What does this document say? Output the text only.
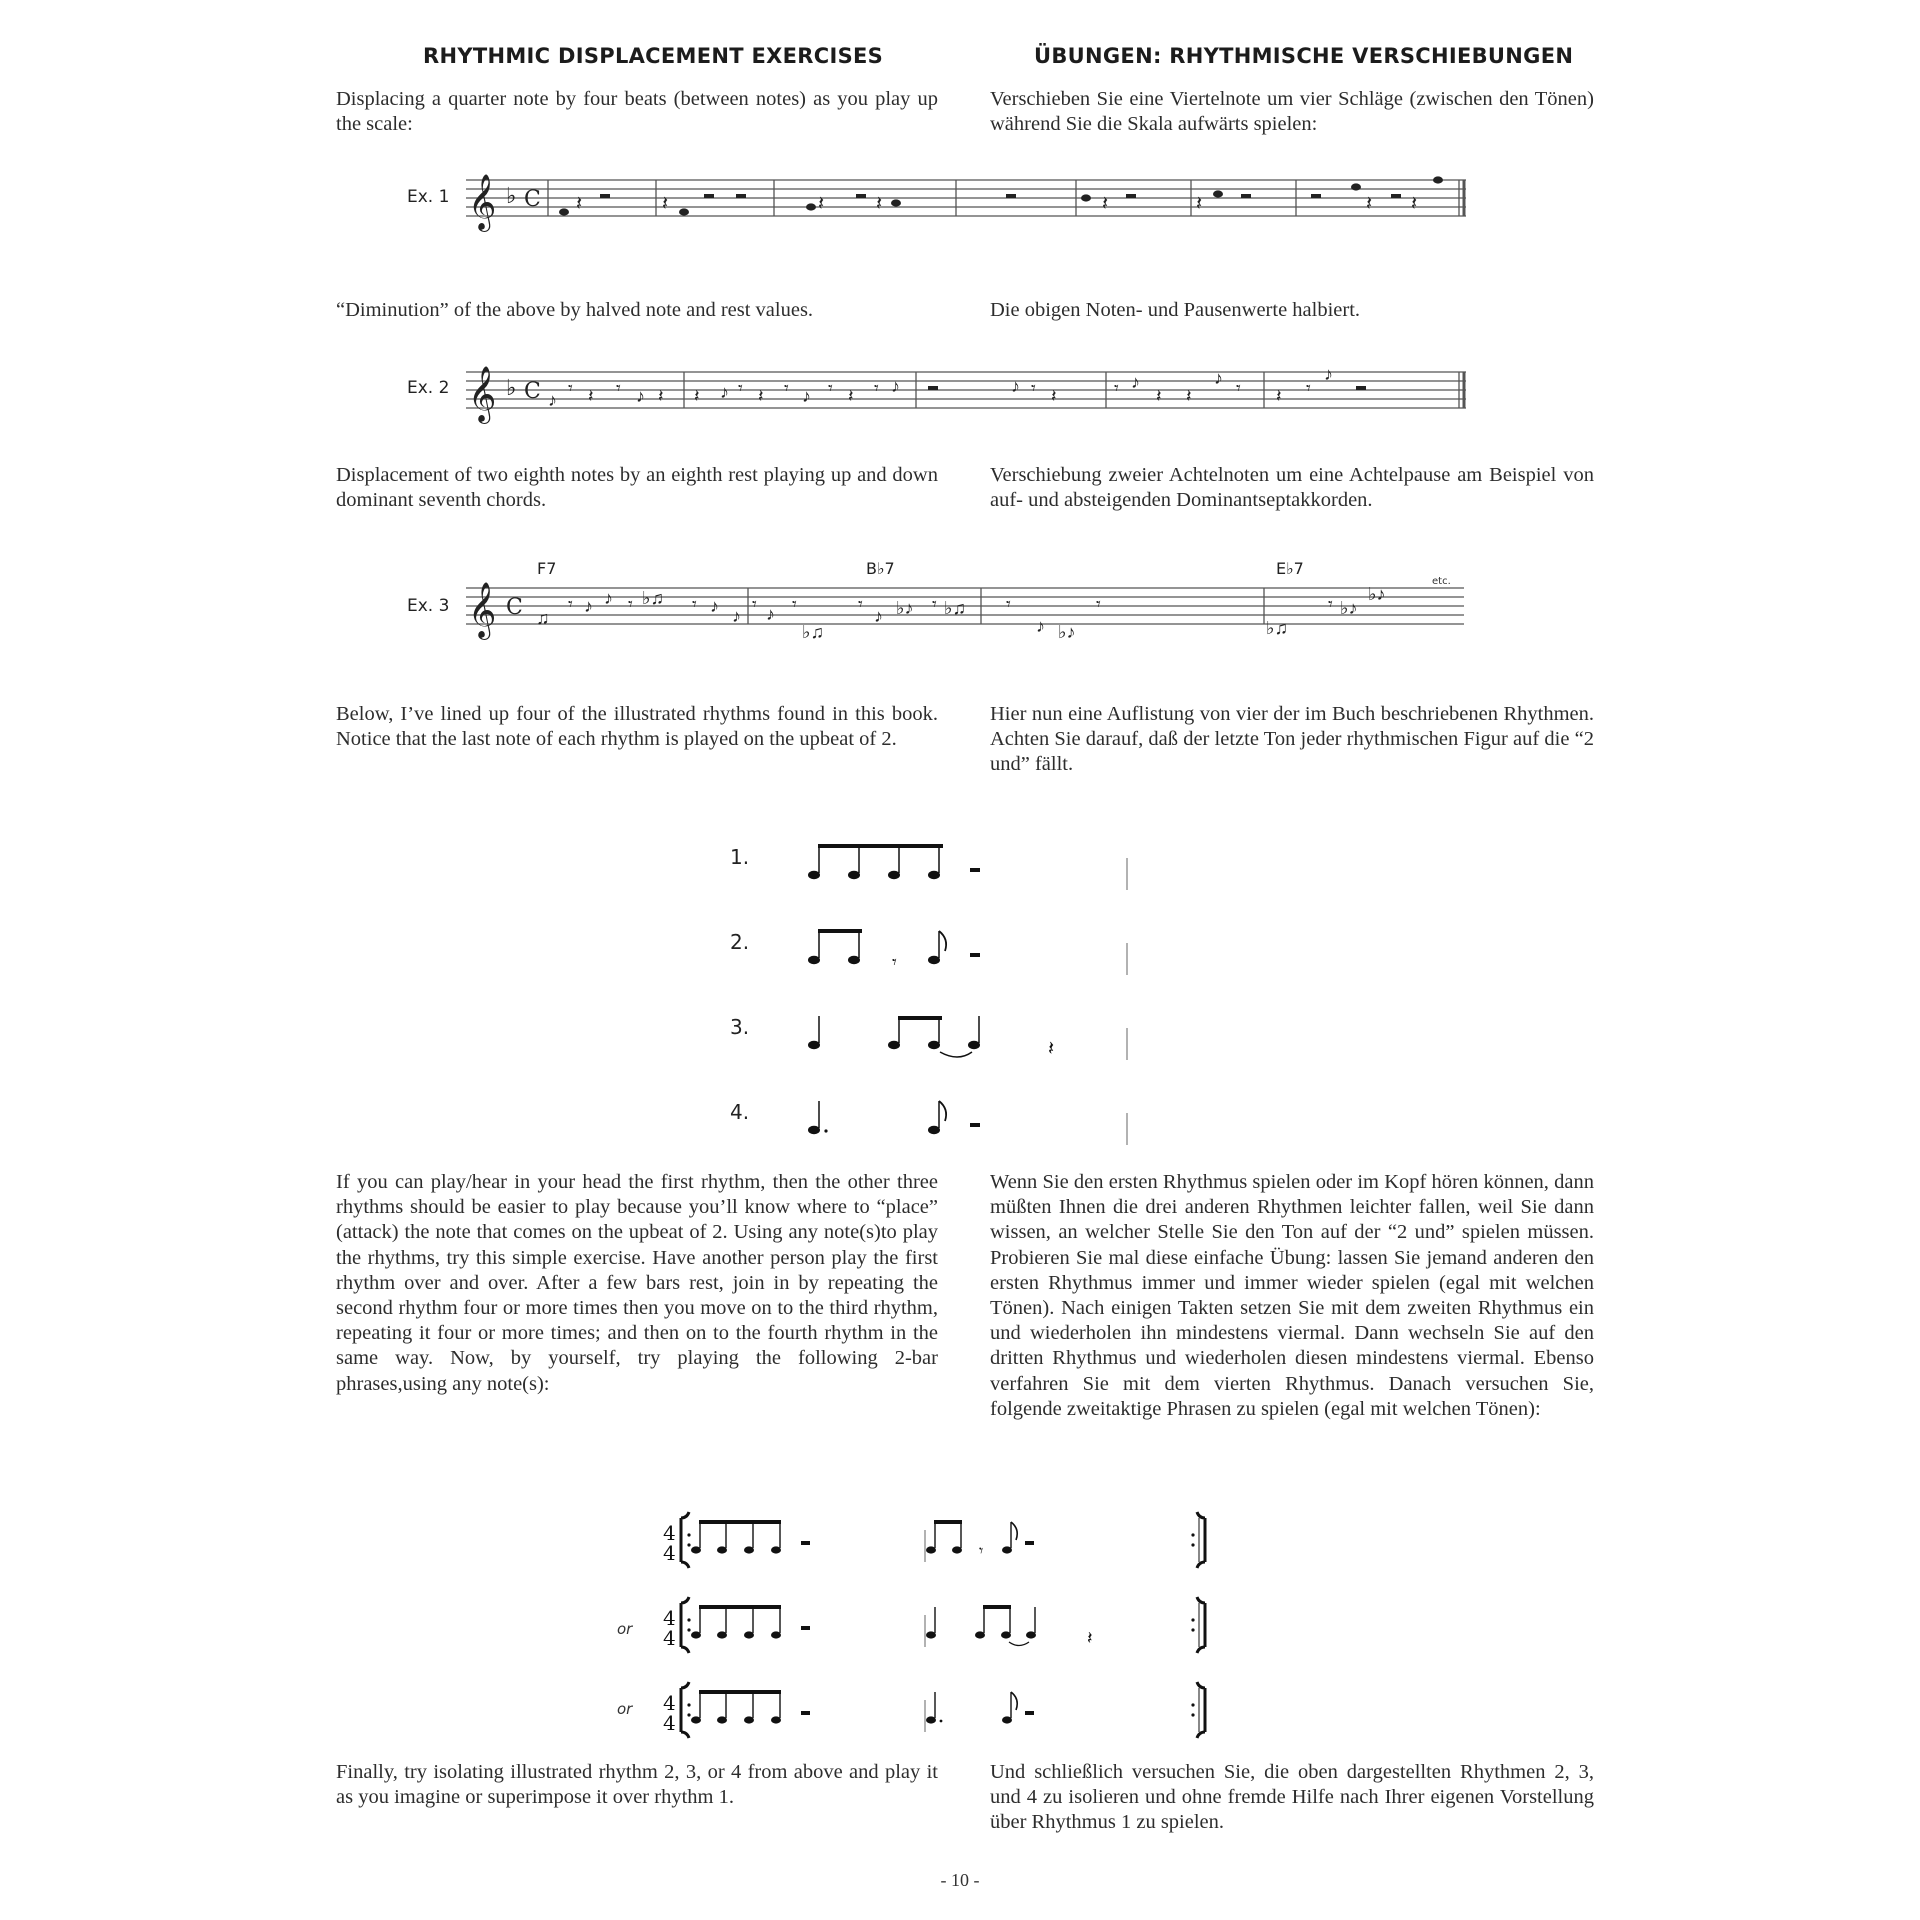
RHYTHMIC DISPLACEMENT EXERCISES	ÜBUNGEN: RHYTHMISCHE VERSCHIEBUNGEN

Displacing a quarter note by four beats (between notes) as you play up the scale:

Verschieben Sie eine Viertelnote um vier Schläge (zwischen den Tönen) während Sie die Skala aufwärts spielen:

Ex. 1 𝄞 ♭ C 𝄽	𝄽	𝄽	𝄽	𝄽	𝄽	𝄽 𝄽

“Diminution” of the above by halved note and rest values.	Die obigen Noten- und Pausenwerte halbiert.

Ex. 2 𝄞 ♭ C ♪
𝄾 𝄽 𝄾 ♪ 𝄽 𝄽 ♪ 𝄾 𝄽 𝄾 ♪ 𝄾 𝄽 𝄾 ♪	♪ 𝄾 𝄽	𝄾 ♪
𝄽 𝄽
♪ 𝄾 𝄽 𝄾
♪

Displacement of two eighth notes by an eighth rest playing up and down dominant seventh chords.

Verschiebung zweier Achtelnoten um eine Achtelpause am Beispiel von auf- und absteigenden Dominantseptakkorden.

Ex. 3
F7	B♭7	E♭7
etc.
𝄞 C ♫
𝄾 ♪ ♪ 𝄾 ♭♫ 𝄾 ♪ ♪
𝄾 ♪ 𝄾
♭♫
𝄾
♪ ♭♪ 𝄾 ♭♫ 𝄾
♪ ♭♪
𝄾
♭♫
𝄾 ♭♪
♭♪

Below, I’ve lined up four of the illustrated rhythms found in this book. Notice that the last note of each rhythm is played on the upbeat of 2.

Hier nun eine Auflistung von vier der im Buch beschriebenen Rhythmen. Achten Sie darauf, daß der letzte Ton jeder rhythmischen Figur auf die “2 und” fällt.

1.
2.
3.
4.
𝄾
𝄽

If you can play/hear in your head the first rhythm, then the other three rhythms should be easier to play because you’ll know where to “place” (attack) the note that comes on the upbeat of 2. Using any note(s)to play the rhythms, try this simple exercise. Have another person play the first rhythm over and over. After a few bars rest, join in by repeating the second rhythm four or more times then you move on to the third rhythm, repeating it four or more times; and then on to the fourth rhythm in the same way. Now, by yourself, try playing the following 2-bar phrases,using any note(s):

Wenn Sie den ersten Rhythmus spielen oder im Kopf hören können, dann müßten Ihnen die drei anderen Rhythmen leichter fallen, weil Sie dann wissen, an welcher Stelle Sie den Ton auf der “2 und” spielen müssen. Probieren Sie mal diese einfache Übung: lassen Sie jemand anderen den ersten Rhythmus immer und immer wieder spielen (egal mit welchen Tönen). Nach einigen Takten setzen Sie mit dem zweiten Rhythmus ein und wiederholen ihn mindestens viermal. Dann wechseln Sie auf den dritten Rhythmus und wiederholen diesen mindestens viermal. Ebenso verfahren Sie mit dem vierten Rhythmus. Danach versuchen Sie, folgende zweitaktige Phrasen zu spielen (egal mit welchen Tönen):

or
or
4
4	𝄾
𝄽

Finally, try isolating illustrated rhythm 2, 3, or 4 from above and play it as you imagine or superimpose it over rhythm 1.

Und schließlich versuchen Sie, die oben dargestellten Rhythmen 2, 3, und 4 zu isolieren und ohne fremde Hilfe nach Ihrer eigenen Vorstellung über Rhythmus 1 zu spielen.

- 10 -
